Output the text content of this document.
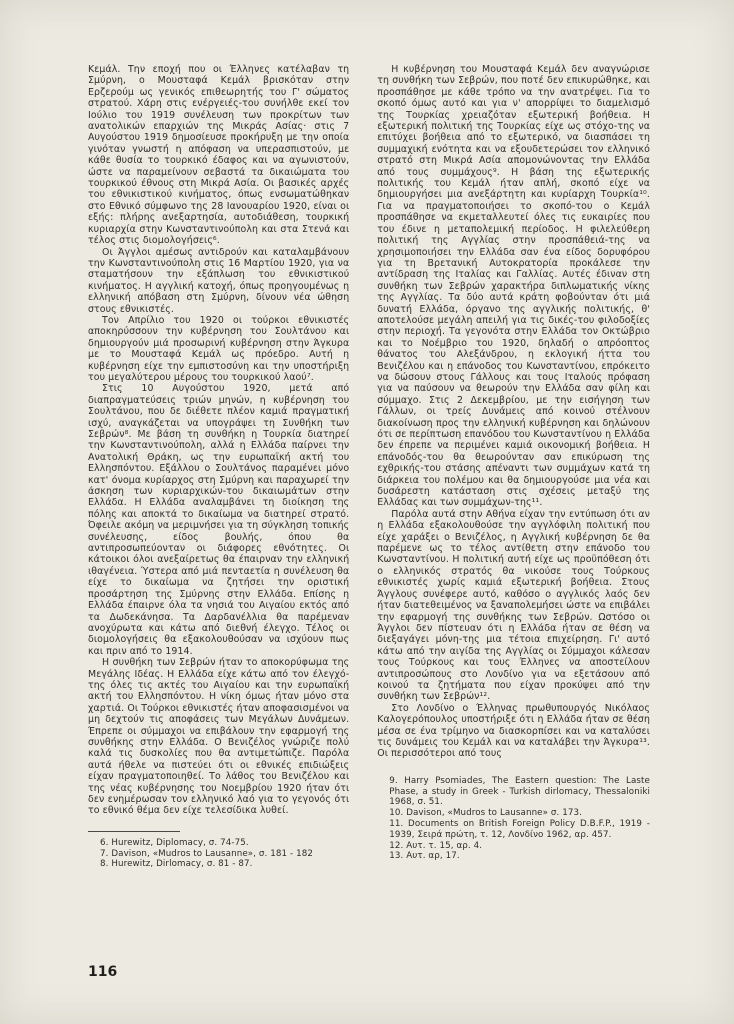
Κεμάλ. Την εποχή που οι Έλληνες κατέλαβαν τη Σμύρνη, ο Μουσταφά Κεμάλ βρισκόταν στην Ερζερούμ ως γενικός επιθεωρητής του Γ' σώματος στρατού. Χάρη στις ενέργειές-του συνήλθε εκεί τον Ιούλιο του 1919 συνέλευση των προκρίτων των ανατολικών επαρχιών της Μικράς Ασίας· στις 7 Αυγούστου 1919 δημοσίευσε προκήρυξη με την οποία γινόταν γνωστή η απόφαση να υπερασπιστούν, με κάθε θυσία το τουρκικό έδαφος και να αγωνιστούν, ώστε να παραμείνουν σεβαστά τα δικαιώματα του τουρκικού έθνους στη Μικρά Ασία. Οι βασικές αρχές του εθνικιστικού κινήματος, όπως ενσωματώθηκαν στο Εθνικό σύμφωνο της 28 Ιανουαρίου 1920, είναι οι εξής: πλήρης ανεξαρτησία, αυτοδιάθεση, τουρκική κυριαρχία στην Κωνσταντινούπολη και στα Στενά και τέλος στις διομολογήσεις⁶.

Οι Άγγλοι αμέσως αντιδρούν και καταλαμβάνουν την Κωνσταντινούπολη στις 16 Μαρτίου 1920, για να σταματήσουν την εξάπλωση του εθνικιστικού κινήματος. Η αγγλική κατοχή, όπως προηγουμένως η ελληνική απόβαση στη Σμύρνη, δίνουν νέα ώθηση στους εθνικιστές.

Τον Απρίλιο του 1920 οι τούρκοι εθνικιστές αποκηρύσσουν την κυβέρνηση του Σουλτάνου και δημιουργούν μιά προσωρινή κυβέρνηση στην Άγκυρα με το Μουσταφά Κεμάλ ως πρόεδρο. Αυτή η κυβέρνηση είχε την εμπιστοσύνη και την υποστήριξη του μεγαλύτερου μέρους του τουρκικού λαού⁷.

Στις 10 Αυγούστου 1920, μετά από διαπραγματεύσεις τριών μηνών, η κυβέρνηση του Σουλτάνου, που δε διέθετε πλέον καμιά πραγματική ισχύ, αναγκάζεται να υπογράψει τη Συνθήκη των Σεβρών⁸. Με βάση τη συνθήκη η Τουρκία διατηρεί την Κωνσταντινούπολη, αλλά η Ελλάδα παίρνει την Ανατολική Θράκη, ως την ευρωπαϊκή ακτή του Ελλησπόντου. Εξάλλου ο Σουλτάνος παραμένει μόνο κατ' όνομα κυρίαρχος στη Σμύρνη και παραχωρεί την άσκηση των κυριαρχικών-του δικαιωμάτων στην Ελλάδα. Η Ελλάδα αναλαμβάνει τη διοίκηση της πόλης και αποκτά το δικαίωμα να διατηρεί στρατό. Όφειλε ακόμη να μεριμνήσει για τη σύγκληση τοπικής συνέλευσης, είδος βουλής, όπου θα αντιπροσωπεύονταν οι διάφορες εθνότητες. Οι κάτοικοι όλοι ανεξαίρετως θα έπαιρναν την ελληνική ιθαγένεια. Ύστερα από μιά πενταετία η συνέλευση θα είχε το δικαίωμα να ζητήσει την οριστική προσάρτηση της Σμύρνης στην Ελλάδα. Επίσης η Ελλάδα έπαιρνε όλα τα νησιά του Αιγαίου εκτός από τα Δωδεκάνησα. Τα Δαρδανέλλια θα παρέμεναν ανοχύρωτα και κάτω από διεθνή έλεγχο. Τέλος οι διομολογήσεις θα εξακολουθούσαν να ισχύουν πως και πριν από το 1914.

Η συνθήκη των Σεβρών ήταν το αποκορύφωμα της Μεγάλης Ιδέας. Η Ελλάδα είχε κάτω από τον έλεγχό-της όλες τις ακτές του Αιγαίου και την ευρωπαϊκή ακτή του Ελλησπόντου. Η νίκη όμως ήταν μόνο στα χαρτιά. Οι Τούρκοι εθνικιστές ήταν αποφασισμένοι να μη δεχτούν τις αποφάσεις των Μεγάλων Δυνάμεων. Έπρεπε οι σύμμαχοι να επιβάλουν την εφαρμογή της συνθήκης στην Ελλάδα. Ο Βενιζέλος γνώριζε πολύ καλά τις δυσκολίες που θα αντιμετώπιζε. Παρόλα αυτά ήθελε να πιστεύει ότι οι εθνικές επιδιώξεις είχαν πραγματοποιηθεί. Το λάθος του Βενιζέλου και της νέας κυβέρνησης του Νοεμβρίου 1920 ήταν ότι δεν ενημέρωσαν τον ελληνικό λαό για το γεγονός ότι το εθνικό θέμα δεν είχε τελεσίδικα λυθεί.

6. Hurewitz, Diplomacy, σ. 74-75.

7. Davison, «Mudros to Lausanne», σ. 181 - 182

8. Hurewitz, Dirlomacy, σ. 81 - 87.

Η κυβέρνηση του Μουσταφά Κεμάλ δεν αναγνώρισε τη συνθήκη των Σεβρών, που ποτέ δεν επικυρώθηκε, και προσπάθησε με κάθε τρόπο να την ανατρέψει. Για το σκοπό όμως αυτό και για ν' απορρίψει το διαμελισμό της Τουρκίας χρειαζόταν εξωτερική βοήθεια. Η εξωτερική πολιτική της Τουρκίας είχε ως στόχο-της να επιτύχει βοήθεια από το εξωτερικό, να διασπάσει τη συμμαχική ενότητα και να εξουδετερώσει τον ελληνικό στρατό στη Μικρά Ασία απομονώνοντας την Ελλάδα από τους συμμάχους⁹. Η βάση της εξωτερικής πολιτικής του Κεμάλ ήταν απλή, σκοπό είχε να δημιουργήσει μια ανεξάρτητη και κυρίαρχη Τουρκία¹⁰. Για να πραγματοποιήσει το σκοπό-του ο Κεμάλ προσπάθησε να εκμεταλλευτεί όλες τις ευκαιρίες που του έδινε η μεταπολεμική περίοδος. Η φιλελεύθερη πολιτική της Αγγλίας στην προσπάθειά-της να χρησιμοποιήσει την Ελλάδα σαν ένα είδος δορυφόρου για τη Βρετανική Αυτοκρατορία προκάλεσε την αντίδραση της Ιταλίας και Γαλλίας. Αυτές έδιναν στη συνθήκη των Σεβρών χαρακτήρα διπλωματικής νίκης της Αγγλίας. Τα δύο αυτά κράτη φοβούνταν ότι μιά δυνατή Ελλάδα, όργανο της αγγλικής πολιτικής, θ' αποτελούσε μεγάλη απειλή για τις δικές-του φιλοδοξίες στην περιοχή. Τα γεγονότα στην Ελλάδα τον Οκτώβριο και το Νοέμβριο του 1920, δηλαδή ο απρόοπτος θάνατος του Αλεξάνδρου, η εκλογική ήττα του Βενιζέλου και η επάνοδος του Κωνσταντίνου, επρόκειτο να δώσουν στους Γάλλους και τους Ιταλούς πρόφαση για να παύσουν να θεωρούν την Ελλάδα σαν φίλη και σύμμαχο. Στις 2 Δεκεμβρίου, με την εισήγηση των Γάλλων, οι τρείς Δυνάμεις από κοινού στέλνουν διακοίνωση προς την ελληνική κυβέρνηση και δηλώνουν ότι σε περίπτωση επανόδου του Κωνσταντίνου η Ελλάδα δεν έπρεπε να περιμένει καμιά οικονομική βοήθεια. Η επάνοδός-του θα θεωρούνταν σαν επικύρωση της εχθρικής-του στάσης απέναντι των συμμάχων κατά τη διάρκεια του πολέμου και θα δημιουργούσε μια νέα και δυσάρεστη κατάσταση στις σχέσεις μεταξύ της Ελλάδας και των συμμάχων-της¹¹.

Παρόλα αυτά στην Αθήνα είχαν την εντύπωση ότι αν η Ελλάδα εξακολουθούσε την αγγλόφιλη πολιτική που είχε χαράξει ο Βενιζέλος, η Αγγλική κυβέρνηση δε θα παρέμενε ως το τέλος αντίθετη στην επάνοδο του Κωνσταντίνου. Η πολιτική αυτή είχε ως προϋπόθεση ότι ο ελληνικός στρατός θα νικούσε τους Τούρκους εθνικιστές χωρίς καμιά εξωτερική βοήθεια. Στους Άγγλους συνέφερε αυτό, καθόσο ο αγγλικός λαός δεν ήταν διατεθειμένος να ξαναπολεμήσει ώστε να επιβάλει την εφαρμογή της συνθήκης των Σεβρών. Ωστόσο οι Άγγλοι δεν πίστευαν ότι η Ελλάδα ήταν σε θέση να διεξαγάγει μόνη-της μια τέτοια επιχείρηση. Γι' αυτό κάτω από την αιγίδα της Αγγλίας οι Σύμμαχοι κάλεσαν τους Τούρκους και τους Έλληνες να αποστείλουν αντιπροσώπους στο Λονδίνο για να εξετάσουν από κοινού τα ζητήματα που είχαν προκύψει από την συνθήκη των Σεβρών¹².

Στο Λονδίνο ο Έλληνας πρωθυπουργός Νικόλαος Καλογερόπουλος υποστήριξε ότι η Ελλάδα ήταν σε θέση μέσα σε ένα τρίμηνο να διασκορπίσει και να καταλύσει τις δυνάμεις του Κεμάλ και να καταλάβει την Άγκυρα¹³. Οι περισσότεροι από τους

9. Harry Psomiades, The Eastern question: The Laste Phase, a study in Greek - Turkish dirlomacy, Thessaloniki 1968, σ. 51.

10. Davison, «Mudros to Lausanne» σ. 173.

11. Documents on British Foreign Policy D.B.F.P., 1919 - 1939, Σειρά πρώτη, τ. 12, Λονδίνο 1962, αρ. 457.

12. Αυτ. τ. 15, αρ. 4.

13. Αυτ. αρ, 17.

116
